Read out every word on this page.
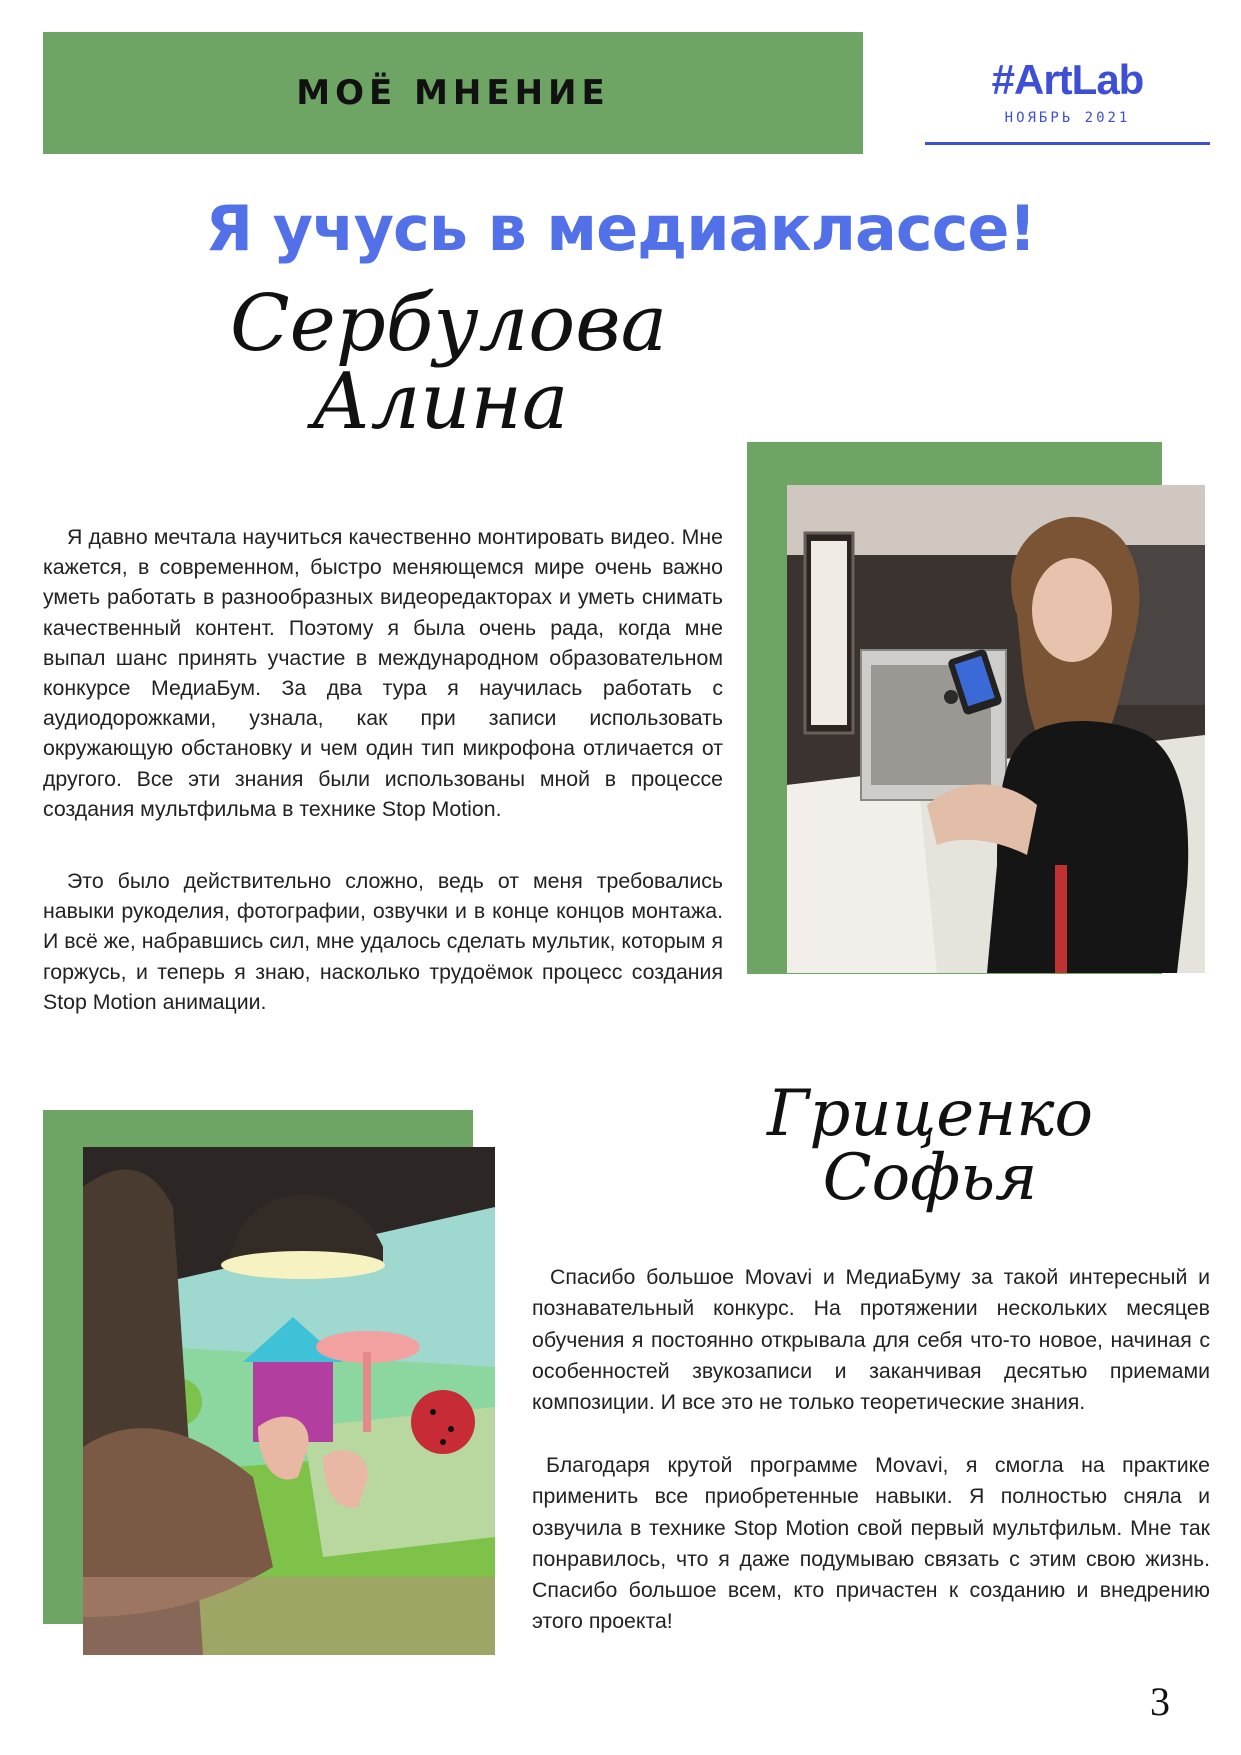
МОЁ МНЕНИЕ	#ArtLab
НОЯБРЬ 2021
Я учусь в медиаклассе!
Сербулова
Алина

Я давно мечтала научиться качественно монтировать видео. Мне кажется, в современном, быстро меняющемся мире очень важно уметь работать в разнообразных видеоредакторах и уметь снимать качественный контент. Поэтому я была очень рада, когда мне выпал шанс принять участие в международном образовательном конкурсе МедиаБум. За два тура я научилась работать с аудиодорожками, узнала, как при записи использовать окружающую обстановку и чем один тип микрофона отличается от другого. Все эти знания были использованы мной в процессе создания мультфильма в технике Stop Motion.

Это было действительно сложно, ведь от меня требовались навыки рукоделия, фотографии, озвучки и в конце концов монтажа. И всё же, набравшись сил, мне удалось сделать мультик, которым я горжусь, и теперь я знаю, насколько трудоёмок процесс создания Stop Motion анимации.

Гриценко
Софья

Спасибо большое Movavi и МедиаБуму за такой интересный и познавательный конкурс. На протяжении нескольких месяцев обучения я постоянно открывала для себя что-то новое, начиная с особенностей звукозаписи и заканчивая десятью приемами композиции. И все это не только теоретические знания.

Благодаря крутой программе Movavi, я смогла на практике применить все приобретенные навыки. Я полностью сняла и озвучила в технике Stop Motion свой первый мультфильм. Мне так понравилось, что я даже подумываю связать с этим свою жизнь. Спасибо большое всем, кто причастен к созданию и внедрению этого проекта!

3
